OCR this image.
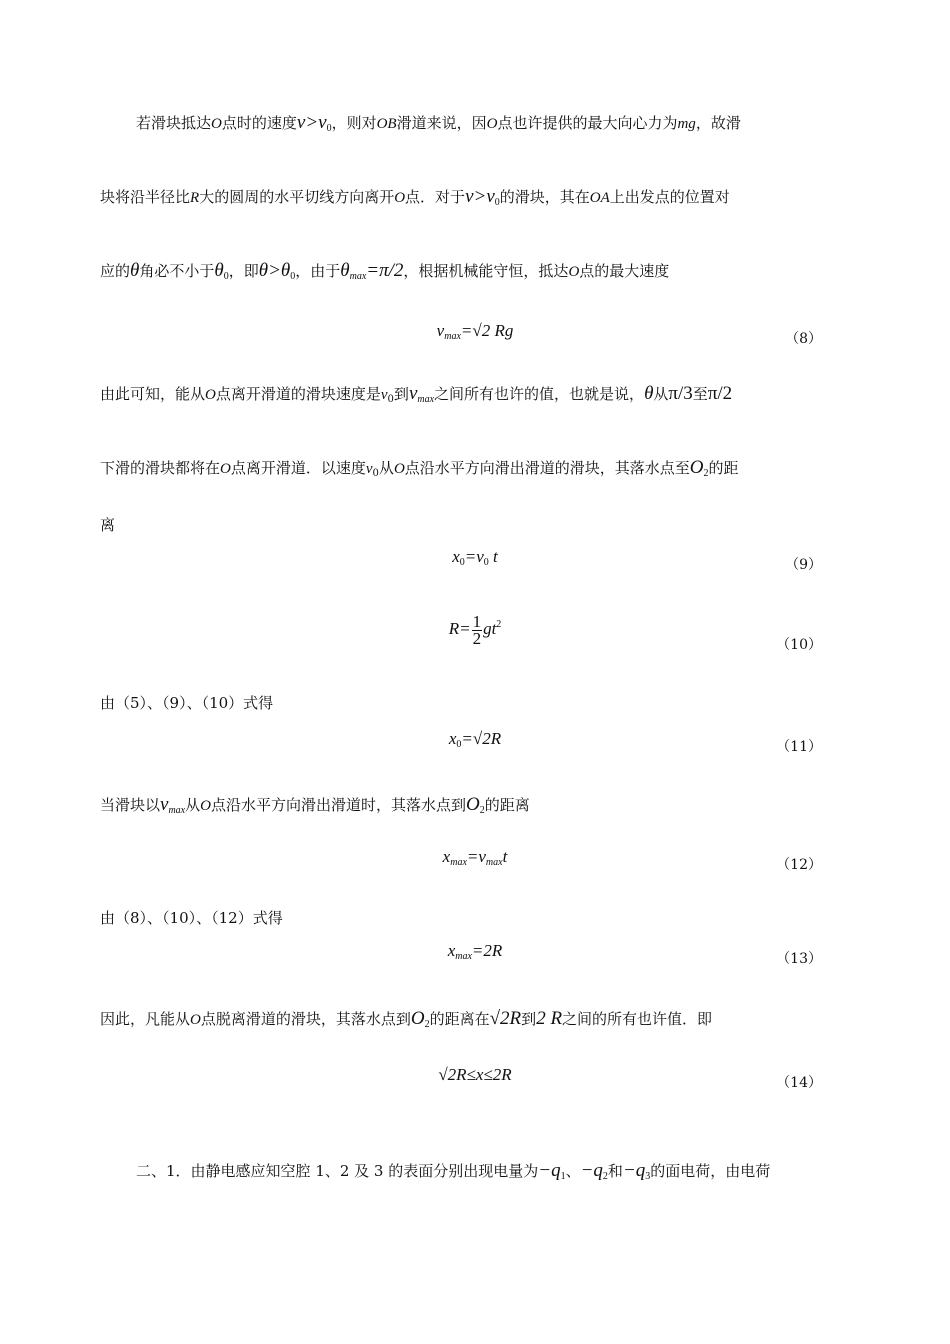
若滑块抵达O点时的速度$v>v_0$，则对OB滑道来说，因O点也许提供的最大向心力为mg，故滑
块将沿半径比R大的圆周的水平切线方向离开O点．对于$v>v_0$的滑块，其在OA上出发点的位置对
应的θ角必不小于$\theta_0$，即$\theta>\theta_0$，由于$\theta_{max}=\pi/2$，根据机械能守恒，抵达O点的最大速度
$v_{max}=√2$ Rg	（8）
由此可知，能从O点离开滑道的滑块速度是$v_0$到$v_{max}$之间所有也许的值，也就是说，θ从π/3至π/2
下滑的滑块都将在O点离开滑道．以速度$v_0$从O点沿水平方向滑出滑道的滑块，其落水点至$O_2$的距
离
$x_0=v_0$ t	（9）
$R= \frac{1}{2} gt^2$
（10）
由（5）、（9）、（10）式得
$x_0=√2R$	（11）
当滑块以$v_{max}$从O点沿水平方向滑出滑道时，其落水点到$O_2$的距离
$x_{max}=v_{max}t$	（12）
由（8）、（10）、（12）式得
$x_{max}=2R$	（13）
因此，凡能从O点脱离滑道的滑块，其落水点到$O_2$的距离在√2R到2 R之间的所有也许值．即
√2R≤x≤2R	（14）
二、1．由静电感应知空腔 1、2 及 3 的表面分别出现电量为$-q_1$、$-q_2$和$-q_3$的面电荷，由电荷
